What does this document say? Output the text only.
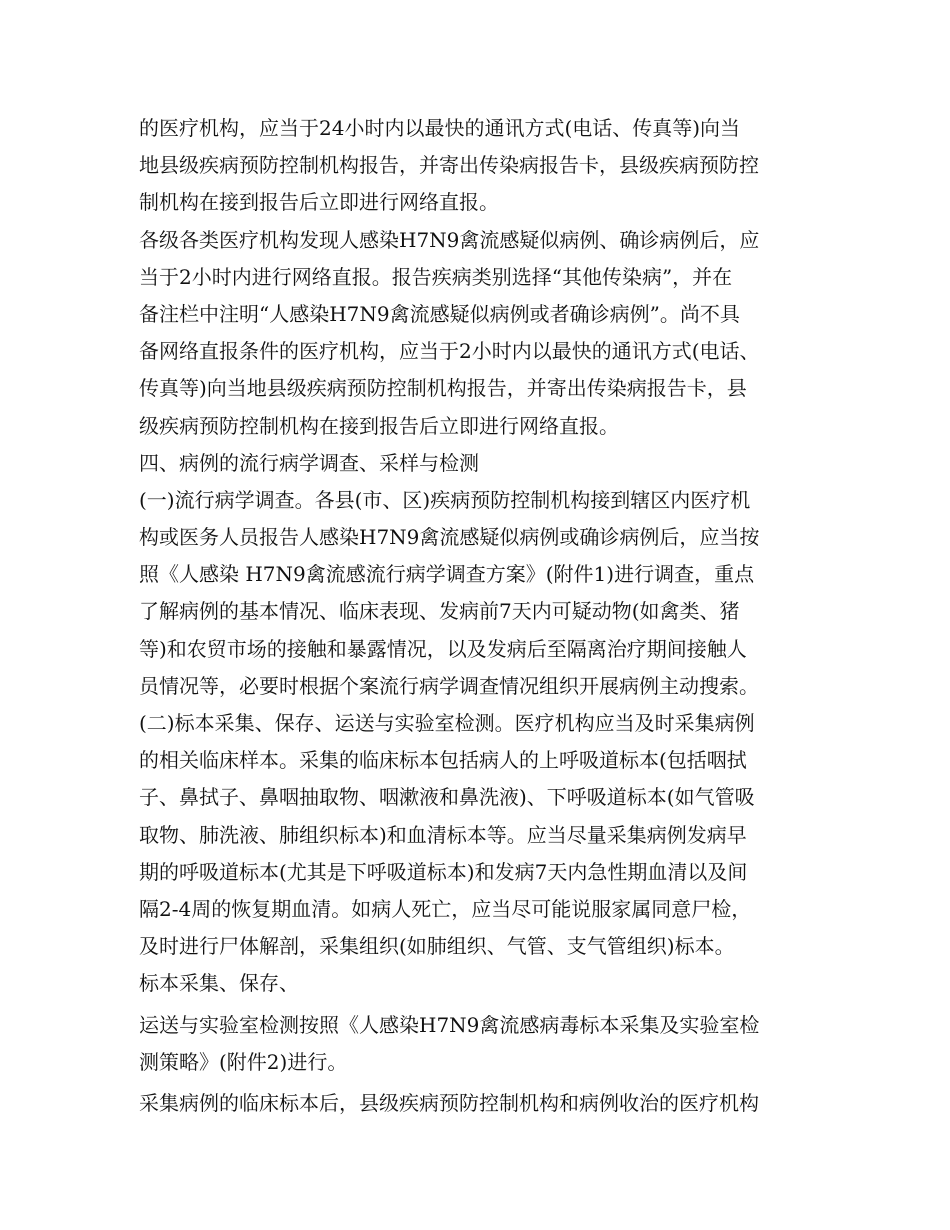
的医疗机构，应当于24小时内以最快的通讯方式(电话、传真等)向当
地县级疾病预防控制机构报告，并寄出传染病报告卡，县级疾病预防控
制机构在接到报告后立即进行网络直报。
各级各类医疗机构发现人感染H7N9禽流感疑似病例、确诊病例后，应
当于2小时内进行网络直报。报告疾病类别选择“其他传染病”，并在
备注栏中注明“人感染H7N9禽流感疑似病例或者确诊病例”。尚不具
备网络直报条件的医疗机构，应当于2小时内以最快的通讯方式(电话、
传真等)向当地县级疾病预防控制机构报告，并寄出传染病报告卡，县
级疾病预防控制机构在接到报告后立即进行网络直报。
四、病例的流行病学调查、采样与检测
(一)流行病学调查。各县(市、区)疾病预防控制机构接到辖区内医疗机
构或医务人员报告人感染H7N9禽流感疑似病例或确诊病例后，应当按
照《人感染 H7N9禽流感流行病学调查方案》(附件1)进行调查，重点
了解病例的基本情况、临床表现、发病前7天内可疑动物(如禽类、猪
等)和农贸市场的接触和暴露情况，以及发病后至隔离治疗期间接触人
员情况等，必要时根据个案流行病学调查情况组织开展病例主动搜索。
(二)标本采集、保存、运送与实验室检测。医疗机构应当及时采集病例
的相关临床样本。采集的临床标本包括病人的上呼吸道标本(包括咽拭
子、鼻拭子、鼻咽抽取物、咽漱液和鼻洗液)、下呼吸道标本(如气管吸
取物、肺洗液、肺组织标本)和血清标本等。应当尽量采集病例发病早
期的呼吸道标本(尤其是下呼吸道标本)和发病7天内急性期血清以及间
隔2-4周的恢复期血清。如病人死亡，应当尽可能说服家属同意尸检，
及时进行尸体解剖，采集组织(如肺组织、气管、支气管组织)标本。
标本采集、保存、
运送与实验室检测按照《人感染H7N9禽流感病毒标本采集及实验室检
测策略》(附件2)进行。
采集病例的临床标本后，县级疾病预防控制机构和病例收治的医疗机构
